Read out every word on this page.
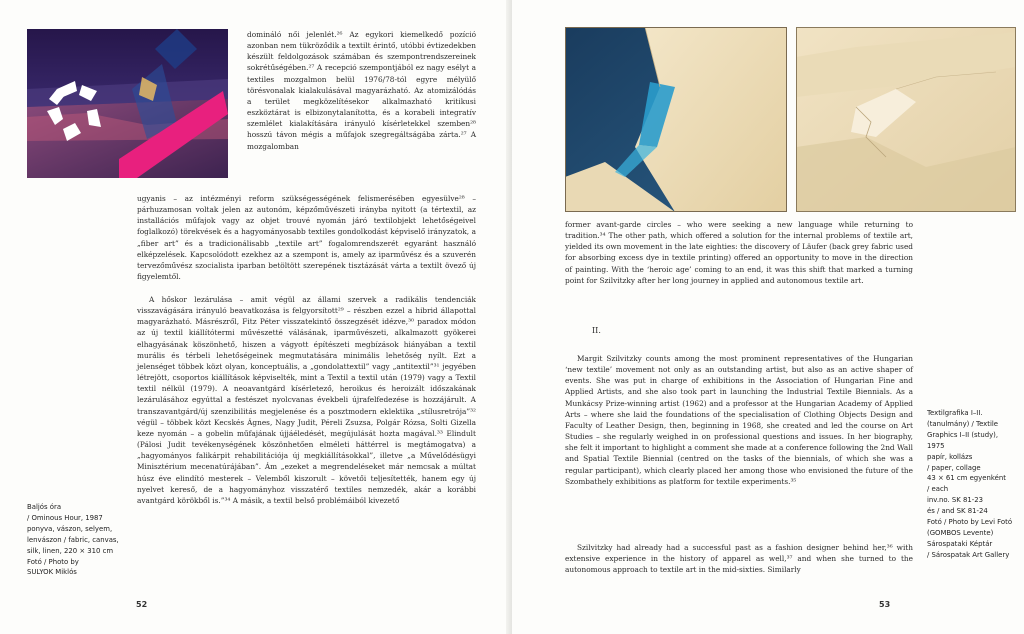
domináló női jelenlét.²⁶ Az egykori kiemelkedő pozíció azonban nem tükröződik a textilt érintő, utóbbi évtizedekben készült feldolgozások számában és szempontrendszereinek sokrétűségében.²⁷ A recepció szempontjából ez nagy esélyt a textiles mozgalmon belül 1976/78-tól egyre mélyülő törésvonalak kialakulásával magyarázható. Az atomizálódás a terület megközelítésekor alkalmazható kritikusi eszköztárat is elbizonytalanította, és a korabeli integratív szemlélet kialakítására irányuló kísérletekkel szemben²⁸ hosszú távon mégis a műfajok szegregáltságába zárta.²⁷ A mozgalomban

ugyanis – az intézményi reform szükségességének felismerésében egyesülve²⁸ – párhuzamosan voltak jelen az autonóm, képzőművészeti irányba nyitott (a tértextil, az installációs műfajok vagy az objet trouvé nyomán járó textilobjekt lehetőségeivel foglalkozó) törekvések és a hagyományosabb textiles gondolkodást képviselő irányzatok, a „fiber art” és a tradicionálisabb „textile art” fogalomrendszerét egyaránt használó elképzelések. Kapcsolódott ezekhez az a szempont is, amely az iparművész és a szuverén tervezőművész szocialista iparban betöltött szerepének tisztázását várta a textilt övező új figyelemtől.

A hőskor lezárulása – amit végül az állami szervek a radikális tendenciák visszavágására irányuló beavatkozása is felgyorsított²⁹ – részben ezzel a hibrid állapottal magyarázható. Másrészről, Fitz Péter visszatekintő összegzését idézve,³⁰ paradox módon az új textil kiállítótermi művészetté válásának, iparművészeti, alkalmazott gyökerei elhagyásának köszönhető, hiszen a vágyott építészeti megbízások hiányában a textil murális és térbeli lehetőségeinek megmutatására minimális lehetőség nyílt. Ezt a jelenséget többek közt olyan, konceptuális, a „gondolattextil” vagy „antitextil”³¹ jegyében létrejött, csoportos kiállítások képviselték, mint a Textil a textil után (1979) vagy a Textil textil nélkül (1979). A neoavantgárd kísérletező, heroikus és heroizált időszakának lezárulásához egyúttal a festészet nyolcvanas évekbeli újrafelfedezése is hozzájárult. A transzavantgárd/új szenzibilitás megjelenése és a posztmodern eklektika „stílusretrója”³² végül – többek közt Kecskés Ágnes, Nagy Judit, Péreli Zsuzsa, Polgár Rózsa, Solti Gizella keze nyomán – a gobelin műfajának újjáéledését, megújulását hozta magával.³³ Elindult (Pálosi Judit tevékenységének köszönhetően elméleti háttérrel is megtámogatva) a „hagyományos falikárpit rehabilitációja új megkiállításokkal”, illetve „a Művelődésügyi Minisztérium mecenatúrájában”. Ám „ezeket a megrendeléseket már nemcsak a múltat húsz éve elindító mesterek – Velemből kiszorult – követői teljesítették, hanem egy új nyelvet kereső, de a hagyományhoz visszatérő textiles nemzedék, akár a korábbi avantgárd körökből is.”³⁴ A másik, a textil belső problémáiból kivezető

Baljós óra
/ Ominous Hour, 1987
ponyva, vászon, selyem,
lenvászon / fabric, canvas,
silk, linen, 220 × 310 cm
Fotó / Photo by
SULYOK Miklós

52

former avant-garde circles – who were seeking a new language while returning to tradition.³⁴ The other path, which offered a solution for the internal problems of textile art, yielded its own movement in the late eighties: the discovery of Läufer (back grey fabric used for absorbing excess dye in textile printing) offered an opportunity to move in the direction of painting. With the ‘heroic age’ coming to an end, it was this shift that marked a turning point for Szilvitzky after her long journey in applied and autonomous textile art.

II.

Margit Szilvitzky counts among the most prominent representatives of the Hungarian ‘new textile’ movement not only as an outstanding artist, but also as an active shaper of events. She was put in charge of exhibitions in the Association of Hungarian Fine and Applied Artists, and she also took part in launching the Industrial Textile Biennials. As a Munkácsy Prize-winning artist (1962) and a professor at the Hungarian Academy of Applied Arts – where she laid the foundations of the specialisation of Clothing Objects Design and Faculty of Leather Design, then, beginning in 1968, she created and led the course on Art Studies – she regularly weighed in on professional questions and issues. In her biography, she felt it important to highlight a comment she made at a conference following the 2nd Wall and Spatial Textile Biennial (centred on the tasks of the biennials, of which she was a regular participant), which clearly placed her among those who envisioned the future of the Szombathely exhibitions as platform for textile experiments.³⁵

Szilvitzky had already had a successful past as a fashion designer behind her,³⁶ with extensive experience in the history of apparel as well,³⁷ and when she turned to the autonomous approach to textile art in the mid-sixties. Similarly

Textilgrafika I–II.
(tanulmány) / Textile
Graphics I–II (study), 1975
papír, kollázs
/ paper, collage
43 × 61 cm egyenként
/ each
inv.no. SK 81-23
és / and SK 81-24
Fotó / Photo by Levi Fotó
(GOMBOS Levente)
Sárospataki Képtár
/ Sárospatak Art Gallery

53
